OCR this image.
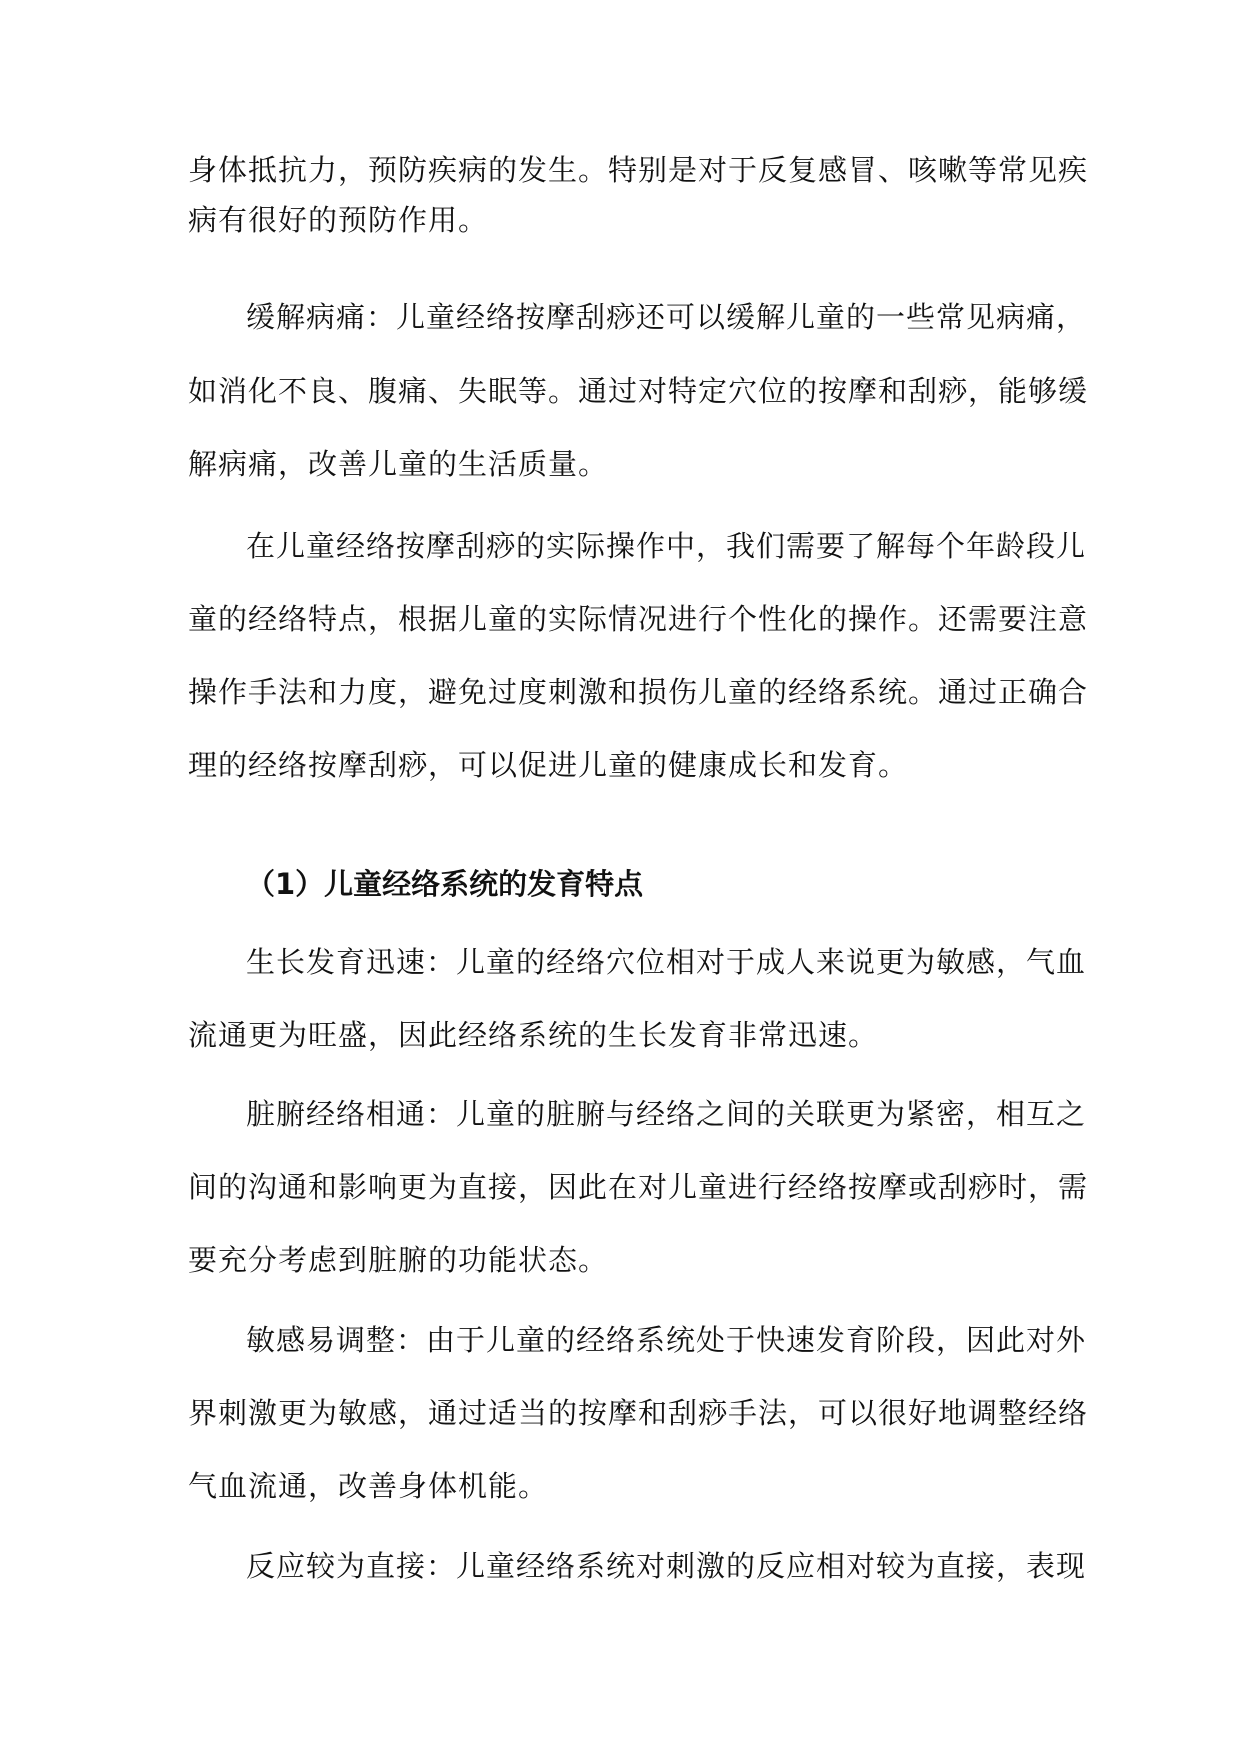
身体抵抗力，预防疾病的发生。特别是对于反复感冒、咳嗽等常见疾
病有很好的预防作用。
缓解病痛：儿童经络按摩刮痧还可以缓解儿童的一些常见病痛，
如消化不良、腹痛、失眠等。通过对特定穴位的按摩和刮痧，能够缓
解病痛，改善儿童的生活质量。
在儿童经络按摩刮痧的实际操作中，我们需要了解每个年龄段儿
童的经络特点，根据儿童的实际情况进行个性化的操作。还需要注意
操作手法和力度，避免过度刺激和损伤儿童的经络系统。通过正确合
理的经络按摩刮痧，可以促进儿童的健康成长和发育。
（1）儿童经络系统的发育特点
生长发育迅速：儿童的经络穴位相对于成人来说更为敏感，气血
流通更为旺盛，因此经络系统的生长发育非常迅速。
脏腑经络相通：儿童的脏腑与经络之间的关联更为紧密，相互之
间的沟通和影响更为直接，因此在对儿童进行经络按摩或刮痧时，需
要充分考虑到脏腑的功能状态。
敏感易调整：由于儿童的经络系统处于快速发育阶段，因此对外
界刺激更为敏感，通过适当的按摩和刮痧手法，可以很好地调整经络
气血流通，改善身体机能。
反应较为直接：儿童经络系统对刺激的反应相对较为直接，表现
